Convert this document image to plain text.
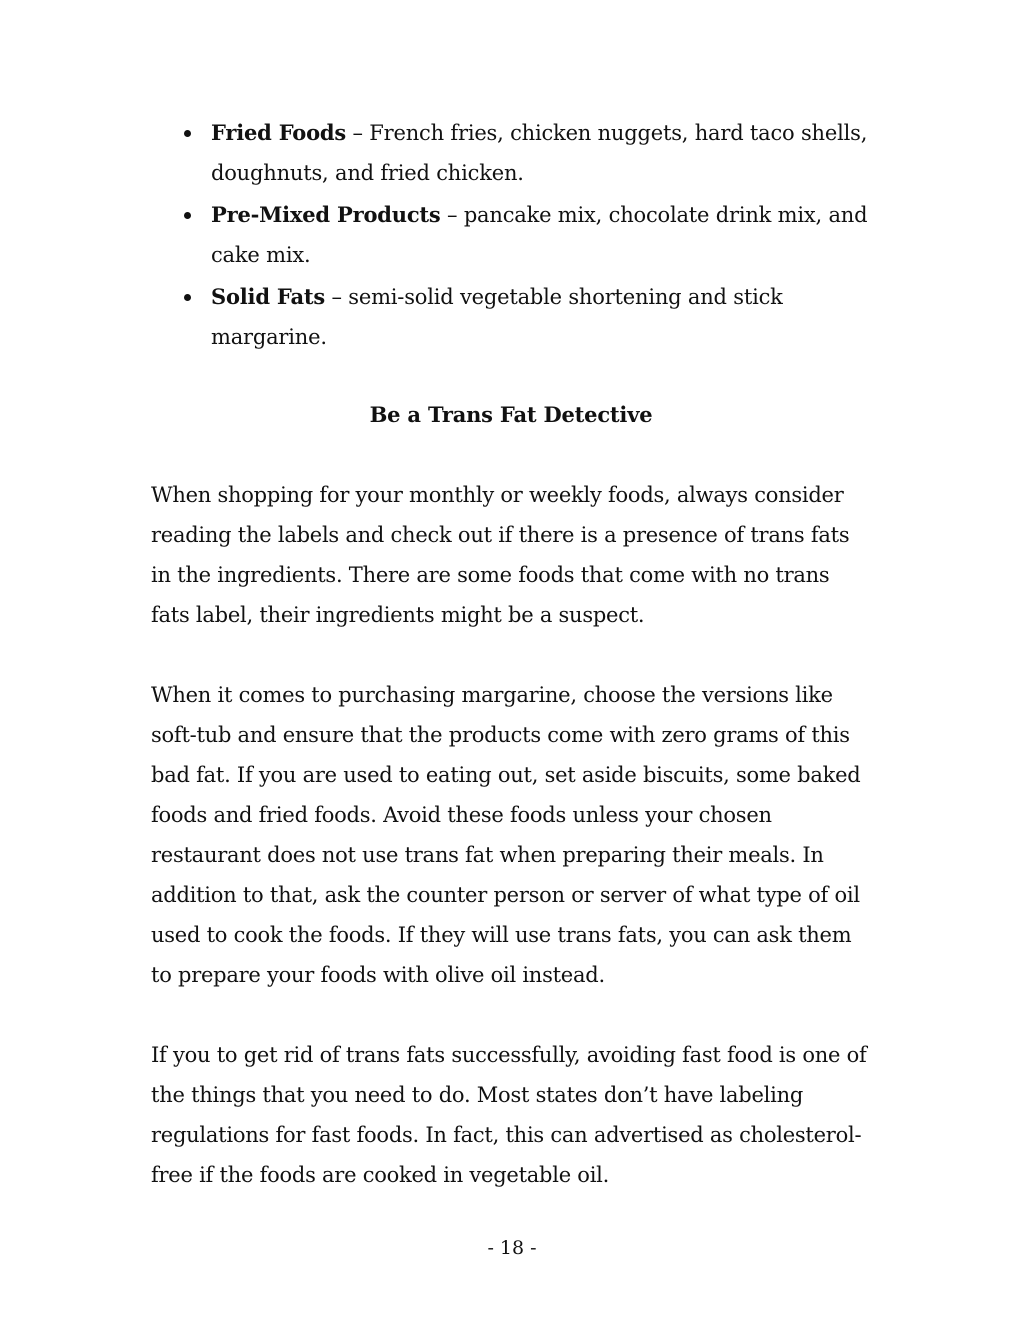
Fried Foods – French fries, chicken nuggets, hard taco shells, doughnuts, and fried chicken.
Pre-Mixed Products – pancake mix, chocolate drink mix, and cake mix.
Solid Fats – semi-solid vegetable shortening and stick margarine.
Be a Trans Fat Detective

When shopping for your monthly or weekly foods, always consider reading the labels and check out if there is a presence of trans fats in the ingredients. There are some foods that come with no trans fats label, their ingredients might be a suspect.

When it comes to purchasing margarine, choose the versions like soft-tub and ensure that the products come with zero grams of this bad fat. If you are used to eating out, set aside biscuits, some baked foods and fried foods. Avoid these foods unless your chosen restaurant does not use trans fat when preparing their meals. In addition to that, ask the counter person or server of what type of oil used to cook the foods. If they will use trans fats, you can ask them to prepare your foods with olive oil instead.

If you to get rid of trans fats successfully, avoiding fast food is one of the things that you need to do. Most states don’t have labeling regulations for fast foods. In fact, this can advertised as cholesterol-free if the foods are cooked in vegetable oil.

- 18 -
